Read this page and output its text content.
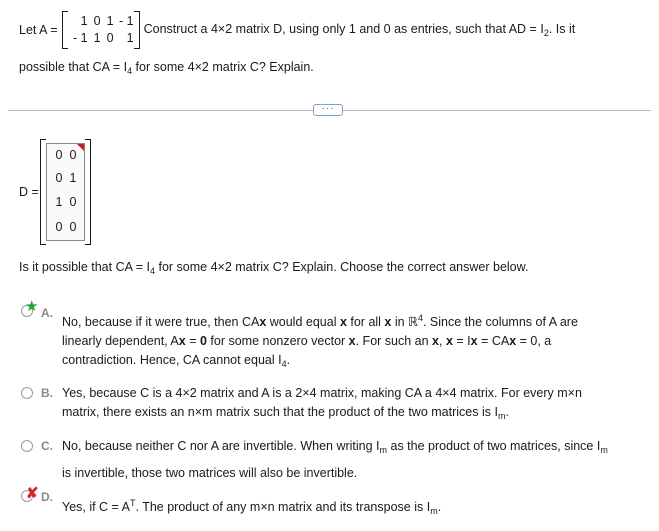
Let A =
1 0 1 - 1
- 1 1 0	1
Construct a 4×2 matrix D, using only 1 and 0 as entries, such that AD = $I_2$. Is it
possible that CA = $I_4$ for some 4×2 matrix C? Explain.
···
D =
0 0
0 1
1 0
0 0
Is it possible that CA = $I_4$ for some 4×2 matrix C? Explain. Choose the correct answer below.
★ A.
No, because if it were true, then CAx would equal x for all x in ℝ$^4$. Since the columns of A are
linearly dependent, Ax = 0 for some nonzero vector x. For such an x, x = Ix = CAx = 0, a
contradiction. Hence, CA cannot equal $I_4$.
B. Yes, because C is a 4×2 matrix and A is a 2×4 matrix, making CA a 4×4 matrix. For every m×n
matrix, there exists an n×m matrix such that the product of the two matrices is $I_m$.
C. No, because neither C nor A are invertible. When writing $I_m$ as the product of two matrices, since $I_m$
is invertible, those two matrices will also be invertible.
✘ D.
Yes, if $C = A^T$. The product of any m×n matrix and its transpose is $I_m$.
